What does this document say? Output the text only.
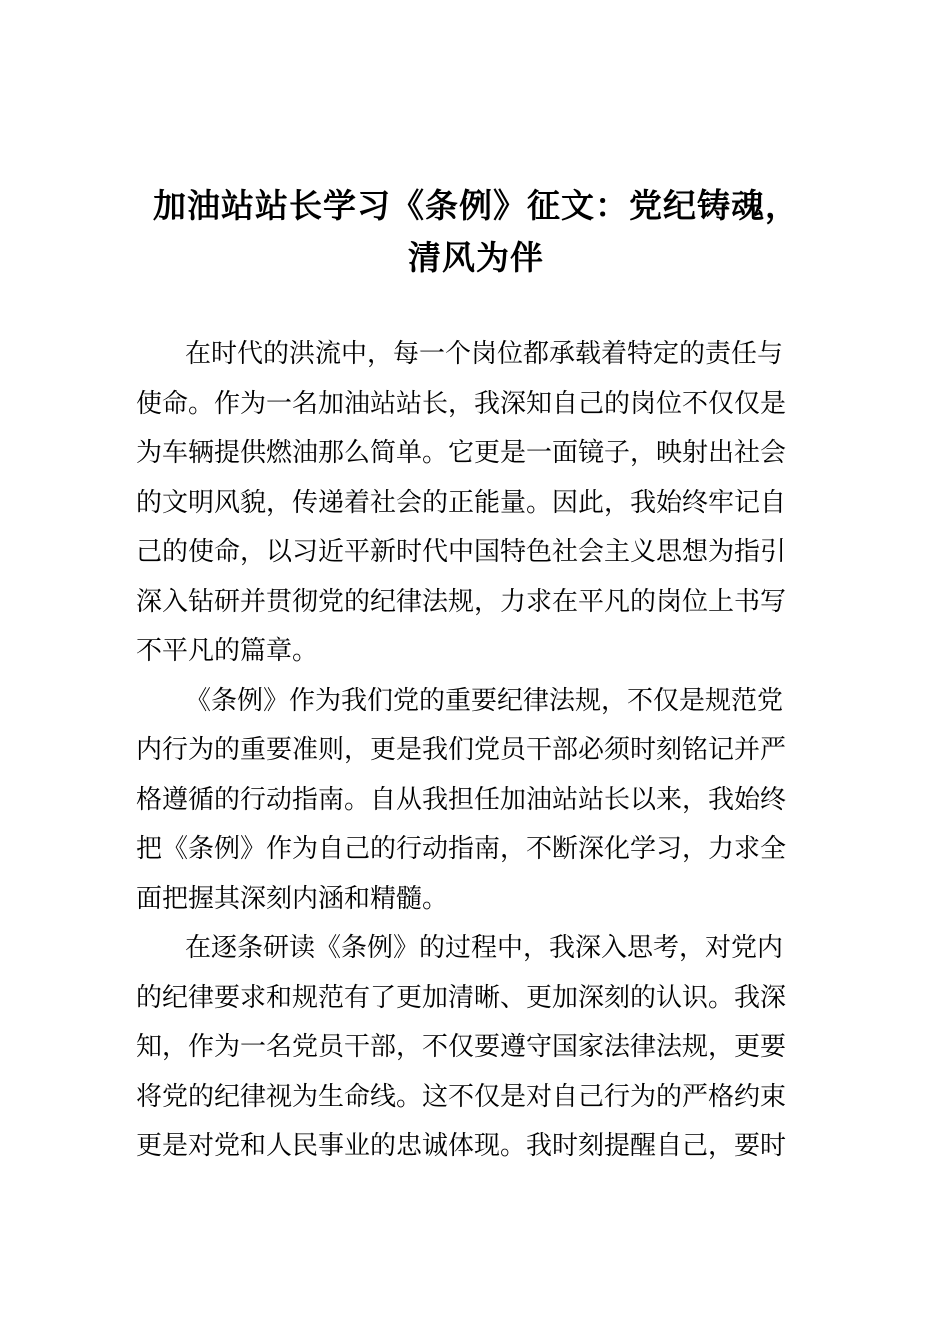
加油站站长学习《条例》征文：党纪铸魂，
清风为伴

在时代的洪流中，每一个岗位都承载着特定的责任与
使命。作为一名加油站站长，我深知自己的岗位不仅仅是
为车辆提供燃油那么简单。它更是一面镜子，映射出社会
的文明风貌，传递着社会的正能量。因此，我始终牢记自
己的使命，以习近平新时代中国特色社会主义思想为指引
深入钻研并贯彻党的纪律法规，力求在平凡的岗位上书写
不平凡的篇章。

《条例》作为我们党的重要纪律法规，不仅是规范党
内行为的重要准则，更是我们党员干部必须时刻铭记并严
格遵循的行动指南。自从我担任加油站站长以来，我始终
把《条例》作为自己的行动指南，不断深化学习，力求全
面把握其深刻内涵和精髓。

在逐条研读《条例》的过程中，我深入思考，对党内
的纪律要求和规范有了更加清晰、更加深刻的认识。我深
知，作为一名党员干部，不仅要遵守国家法律法规，更要
将党的纪律视为生命线。这不仅是对自己行为的严格约束
更是对党和人民事业的忠诚体现。我时刻提醒自己，要时
